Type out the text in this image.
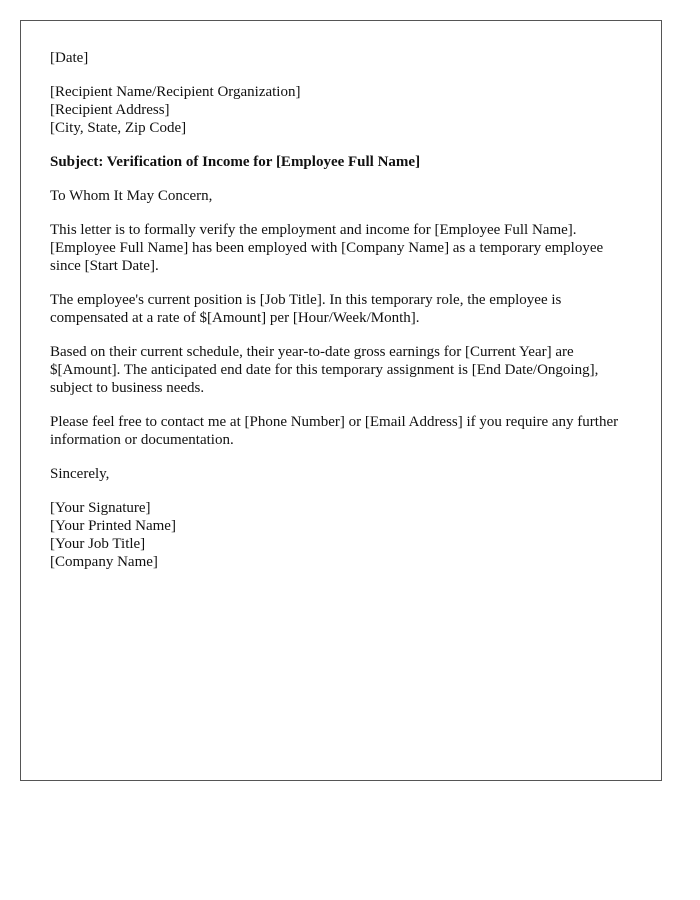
[Date]
[Recipient Name/Recipient Organization]
[Recipient Address]
[City, State, Zip Code]

Subject: Verification of Income for [Employee Full Name]

To Whom It May Concern,

This letter is to formally verify the employment and income for [Employee Full Name]. [Employee Full Name] has been employed with [Company Name] as a temporary employee since [Start Date].

The employee's current position is [Job Title]. In this temporary role, the employee is compensated at a rate of $[Amount] per [Hour/Week/Month].

Based on their current schedule, their year-to-date gross earnings for [Current Year] are $[Amount]. The anticipated end date for this temporary assignment is [End Date/Ongoing], subject to business needs.

Please feel free to contact me at [Phone Number] or [Email Address] if you require any further information or documentation.

Sincerely,

[Your Signature]
[Your Printed Name]
[Your Job Title]
[Company Name]
